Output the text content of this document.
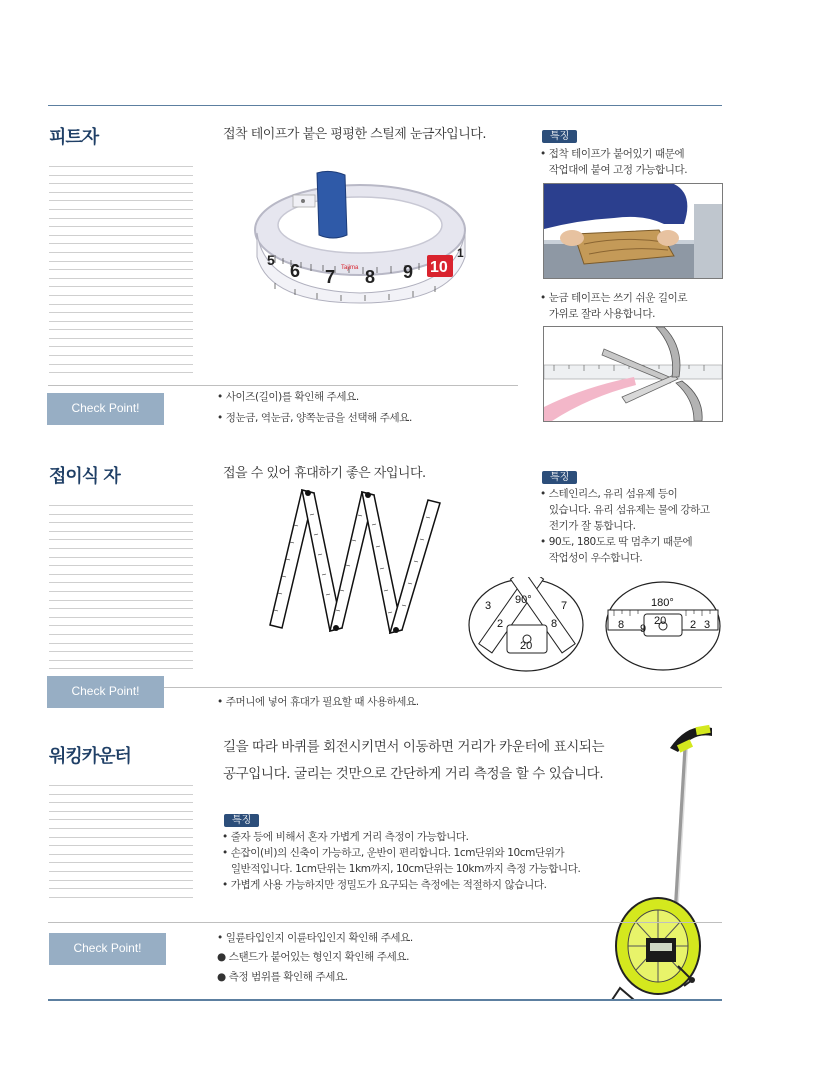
피트자	접착 테이프가 붙은 평평한 스틸제 눈금자입니다.
5
6 7 8 9 10
1
Tajima
특징
• 접착 테이프가 붙어있기 때문에
작업대에 붙여 고정 가능합니다.
• 눈금 테이프는 쓰기 쉬운 길이로
가위로 잘라 사용합니다.
Check Point!
• 사이즈(길이)를 확인해 주세요.
• 정눈금, 역눈금, 양쪽눈금을 선택해 주세요.
접이식 자	접을 수 있어 휴대하기 좋은 자입니다.	특징
• 스테인리스, 유리 섬유제 등이
있습니다. 유리 섬유제는 물에 강하고
전기가 잘 통합니다.
• 90도, 180도로 딱 멈추기 때문에
작업성이 우수합니다.
90°
3
2
7
8
20
180°
8 9	2 3
20
Check Point!
• 주머니에 넣어 휴대가 필요할 때 사용하세요.
워킹카운터	길을 따라 바퀴를 회전시키면서 이동하면 거리가 카운터에 표시되는
공구입니다. 굴리는 것만으로 간단하게 거리 측정을 할 수 있습니다.
특징
• 줄자 등에 비해서 혼자 가볍게 거리 측정이 가능합니다.
• 손잡이(비)의 신축이 가능하고, 운반이 편리합니다. 1cm단위와 10cm단위가
일반적입니다. 1cm단위는 1km까지, 10cm단위는 10km까지 측정 가능합니다.
• 가볍게 사용 가능하지만 정밀도가 요구되는 측정에는 적절하지 않습니다.
Check Point!
• 일륜타입인지 이륜타입인지 확인해 주세요.
● 스탠드가 붙어있는 형인지 확인해 주세요.
● 측정 범위를 확인해 주세요.
